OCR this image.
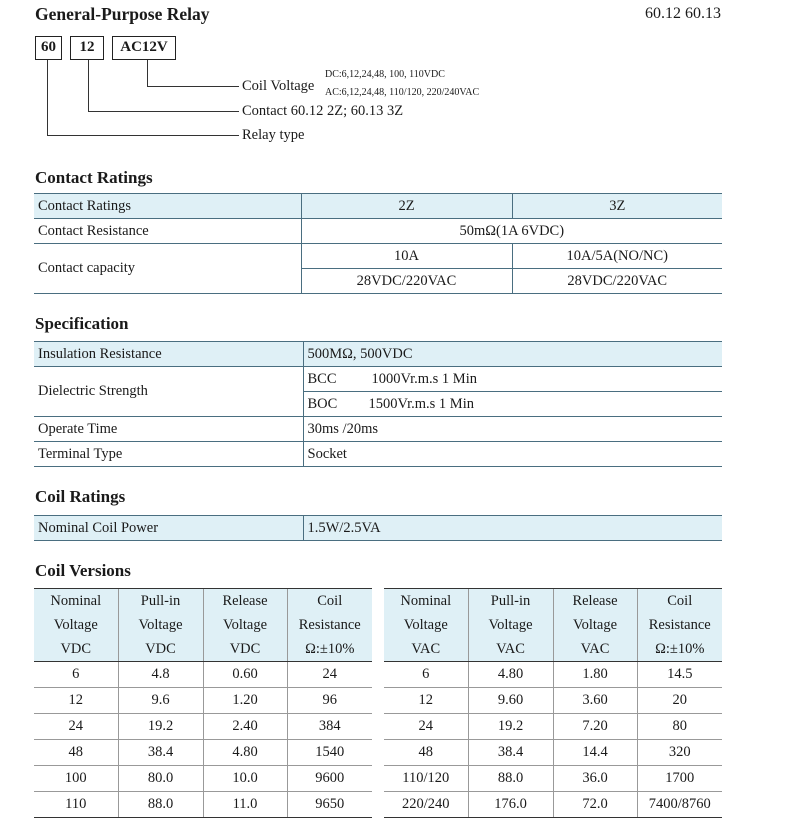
General-Purpose Relay	60.12 60.13
60	12	AC12V
Coil Voltage
DC:6,12,24,48, 100, 110VDC
AC:6,12,24,48, 110/120, 220/240VAC
Contact 60.12 2Z; 60.13 3Z
Relay type
Contact Ratings
Contact Ratings	2Z	3Z
Contact Resistance	50mΩ(1A 6VDC)	
Contact capacity	10A	10A/5A(NO/NC)
	28VDC/220VAC	28VDC/220VAC
Specification
Insulation Resistance	500MΩ, 500VDC
Dielectric Strength	BCC 1000Vr.m.s 1 Min
	BOC 1500Vr.m.s 1 Min
Operate Time	30ms /20ms
Terminal Type	Socket
Coil Ratings
Nominal Coil Power	1.5W/2.5VA
Coil Versions
Nominal	Pull-in	Release	Coil
Voltage	Voltage	Voltage	Resistance
VDC	VDC	VDC	Ω:±10%
6	4.8	0.60	24
12	9.6	1.20	96
24	19.2	2.40	384
48	38.4	4.80	1540
100	80.0	10.0	9600
110	88.0	11.0	9650
Nominal	Pull-in	Release	Coil
Voltage	Voltage	Voltage	Resistance
VAC	VAC	VAC	Ω:±10%
6	4.80	1.80	14.5
12	9.60	3.60	20
24	19.2	7.20	80
48	38.4	14.4	320
110/120	88.0	36.0	1700
220/240	176.0	72.0	7400/8760
